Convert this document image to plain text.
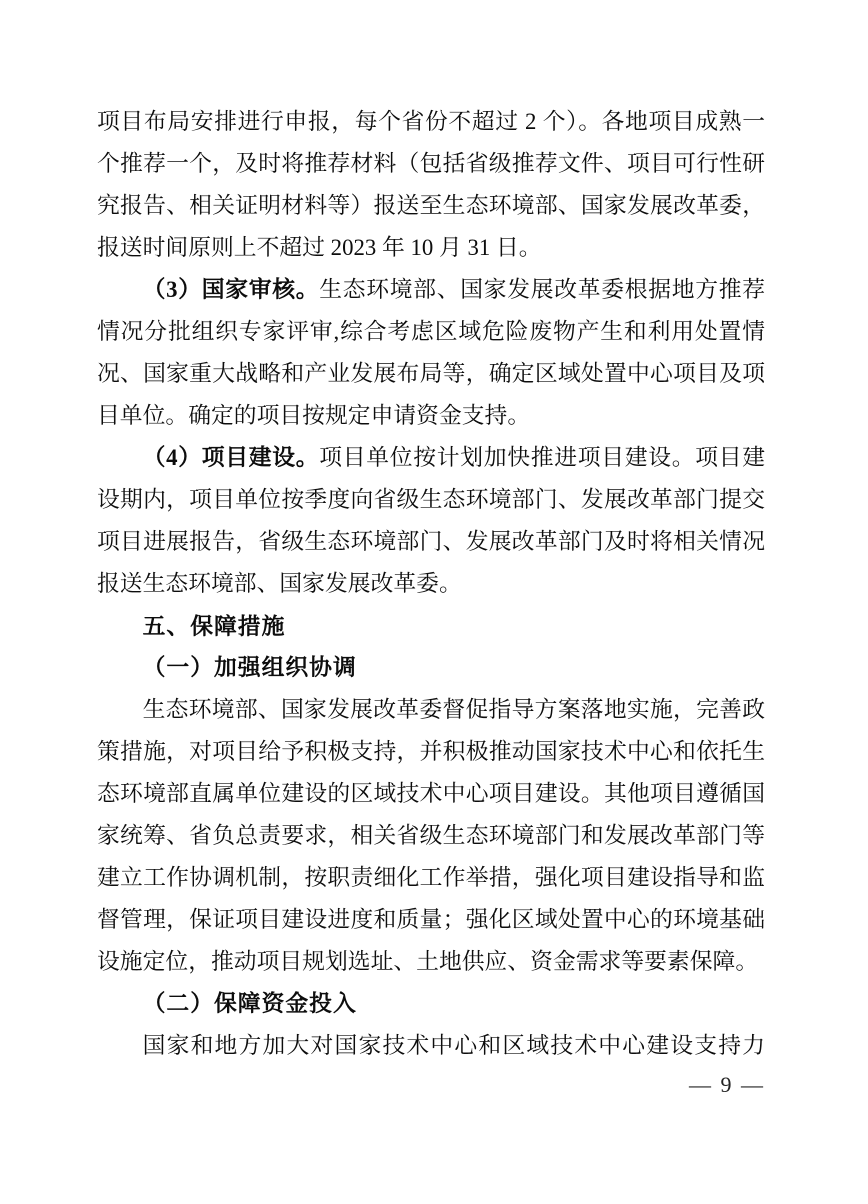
项目布局安排进行申报，每个省份不超过 2 个）。各地项目成熟一个推荐一个，及时将推荐材料（包括省级推荐文件、项目可行性研究报告、相关证明材料等）报送至生态环境部、国家发展改革委，报送时间原则上不超过 2023 年 10 月 31 日。

（3）国家审核。生态环境部、国家发展改革委根据地方推荐情况分批组织专家评审,综合考虑区域危险废物产生和利用处置情况、国家重大战略和产业发展布局等，确定区域处置中心项目及项目单位。确定的项目按规定申请资金支持。

（4）项目建设。项目单位按计划加快推进项目建设。项目建设期内，项目单位按季度向省级生态环境部门、发展改革部门提交项目进展报告，省级生态环境部门、发展改革部门及时将相关情况报送生态环境部、国家发展改革委。

五、保障措施

（一）加强组织协调

生态环境部、国家发展改革委督促指导方案落地实施，完善政策措施，对项目给予积极支持，并积极推动国家技术中心和依托生态环境部直属单位建设的区域技术中心项目建设。其他项目遵循国家统筹、省负总责要求，相关省级生态环境部门和发展改革部门等建立工作协调机制，按职责细化工作举措，强化项目建设指导和监督管理，保证项目建设进度和质量；强化区域处置中心的环境基础设施定位，推动项目规划选址、土地供应、资金需求等要素保障。

（二）保障资金投入

国家和地方加大对国家技术中心和区域技术中心建设支持力

— 9 —
